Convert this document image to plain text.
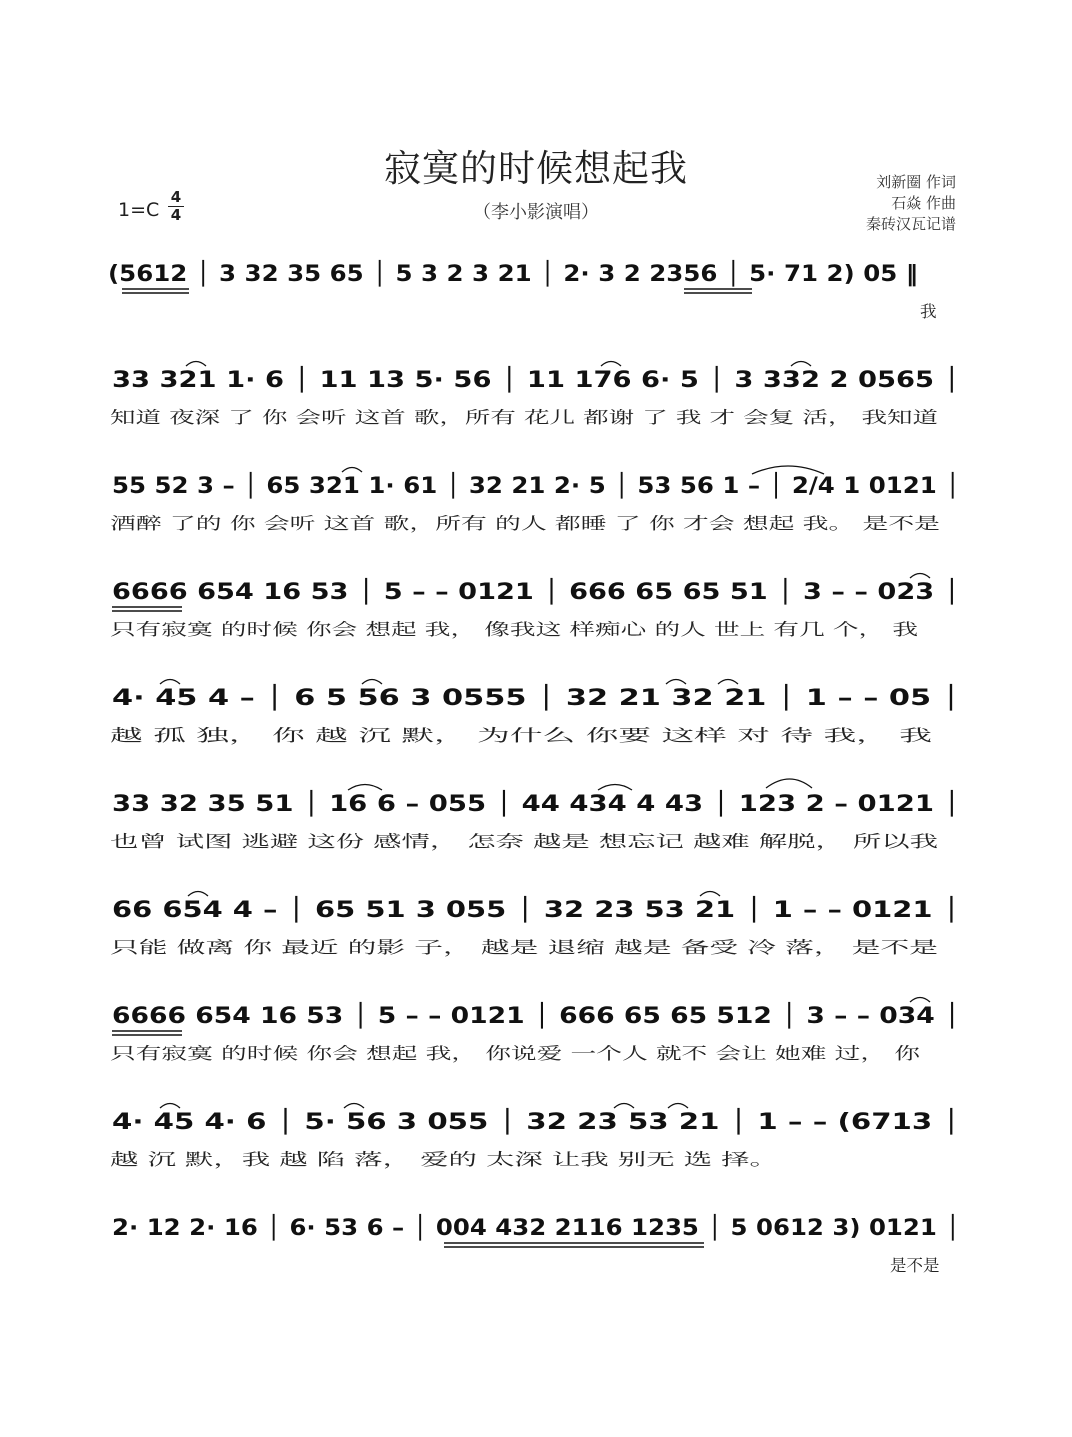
寂寞的时候想起我
（李小影演唱）
1=C
4
4
刘新圈 作词
石焱 作曲
秦砖汉瓦记谱
(5612 │ 3 32 35 65 │ 5 3 2 3 21 │ 2· 3 2 2356 │ 5· 71 2) 05 ‖
我
33 321 1· 6 │ 11 13 5· 56 │ 11 176 6· 5 │ 3 332 2 0565 │
知道 夜深 了 你 会听 这首 歌，所有 花儿 都谢 了 我 才 会复 活， 我知道
55 52 3 – │ 65 321 1· 61 │ 32 21 2· 5 │ 53 56 1 – │ 2/4 1 0121 │
酒醉 了的 你 会听 这首 歌，所有 的人 都睡 了 你 才会 想起 我。 是不是
6666 654 16 53 │ 5 – – 0121 │ 666 65 65 51 │ 3 – – 023 │
只有寂寞 的时候 你会 想起 我， 像我这 样痴心 的人 世上 有几 个， 我
4· 45 4 – │ 6 5 56 3 0555 │ 32 21 32 21 │ 1 – – 05 │
越 孤 独， 你 越 沉 默， 为什么 你要 这样 对 待 我， 我
33 32 35 51 │ 16 6 – 055 │ 44 434 4 43 │ 123 2 – 0121 │
也曾 试图 逃避 这份 感情， 怎奈 越是 想忘记 越难 解脱， 所以我
66 654 4 – │ 65 51 3 055 │ 32 23 53 21 │ 1 – – 0121 │
只能 做离 你 最近 的影 子， 越是 退缩 越是 备受 冷 落， 是不是
6666 654 16 53 │ 5 – – 0121 │ 666 65 65 512 │ 3 – – 034 │
只有寂寞 的时候 你会 想起 我， 你说爱 一个人 就不 会让 她难 过， 你
4· 45 4· 6 │ 5· 56 3 055 │ 32 23 53 21 │ 1 – – (6713 │
越 沉 默，我 越 陷 落， 爱的 太深 让我 别无 选 择。
2· 12 2· 16 │ 6· 53 6 – │ 004 432 2116 1235 │ 5 0612 3) 0121 │
是不是
